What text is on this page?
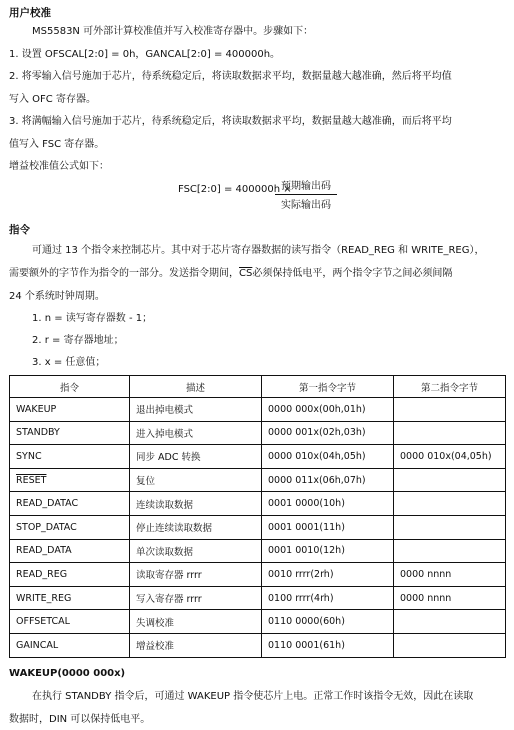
用户校准
MS5583N 可外部计算校准值并写入校准寄存器中。步骤如下：
1. 设置 OFSCAL[2:0] = 0h，GANCAL[2:0] = 400000h。
2. 将零输入信号施加于芯片，待系统稳定后，将读取数据求平均，数据量越大越准确，然后将平均值
写入 OFC 寄存器。
3. 将满幅输入信号施加于芯片，待系统稳定后，将读取数据求平均，数据量越大越准确，而后将平均
值写入 FSC 寄存器。
增益校准值公式如下：
FSC[2:0] = 400000h ×
预期输出码
实际输出码
指令
可通过 13 个指令来控制芯片。其中对于芯片寄存器数据的读写指令（READ_REG 和 WRITE_REG），
需要额外的字节作为指令的一部分。发送指令期间，$\overline{CS}$必须保持低电平，两个指令字节之间必须间隔
24 个系统时钟周期。
1. n = 读写寄存器数 - 1；
2. r = 寄存器地址；
3. x = 任意值；
指令	描述	第一指令字节	第二指令字节
WAKEUP	退出掉电模式	0000 000x(00h,01h)	
STANDBY	进入掉电模式	0000 001x(02h,03h)	
SYNC	同步 ADC 转换	0000 010x(04h,05h)	0000 010x(04,05h)
RESET	复位	0000 011x(06h,07h)	
READ_DATAC	连续读取数据	0001 0000(10h)	
STOP_DATAC	停止连续读取数据	0001 0001(11h)	
READ_DATA	单次读取数据	0001 0010(12h)	
READ_REG	读取寄存器 rrrr	0010 rrrr(2rh)	0000 nnnn
WRITE_REG	写入寄存器 rrrr	0100 rrrr(4rh)	0000 nnnn
OFFSETCAL	失调校准	0110 0000(60h)	
GAINCAL	增益校准	0110 0001(61h)	
WAKEUP(0000 000x)
在执行 STANDBY 指令后，可通过 WAKEUP 指令使芯片上电。正常工作时该指令无效，因此在读取
数据时，DIN 可以保持低电平。
